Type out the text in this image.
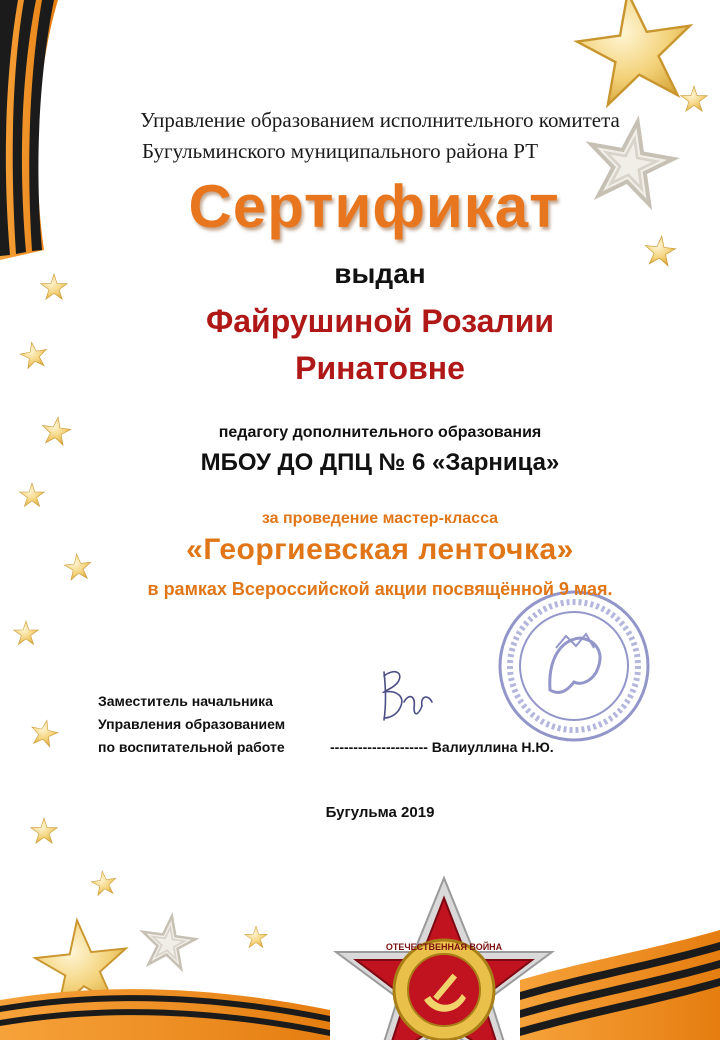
ОТЕЧЕСТВЕННАЯ ВОЙНА

Управление образованием исполнительного комитета

Бугульминского муниципального района РТ

Сертификат

выдан

Файрушиной Розалии

Ринатовне

педагогу дополнительного образования

МБОУ ДО ДПЦ № 6 «Зарница»

за проведение мастер-класса

«Георгиевская ленточка»

в рамках Всероссийской акции посвящённой 9 мая.

Заместитель начальника

Управления образованием

по воспитательной работе	--------------------- Валиуллина Н.Ю.

Бугульма 2019
